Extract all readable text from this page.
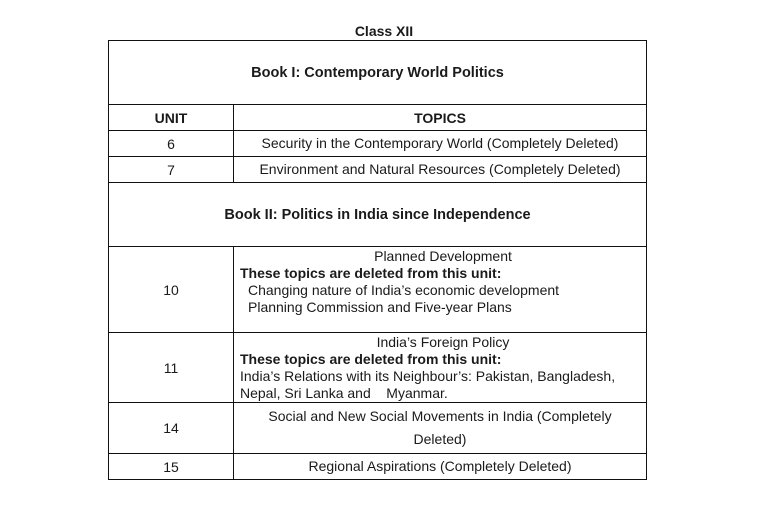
Class XII
Book I: Contemporary World Politics	
UNIT	TOPICS
6	Security in the Contemporary World (Completely Deleted)
7	Environment and Natural Resources (Completely Deleted)
Book II: Politics in India since Independence	
10	Planned Development
These topics are deleted from this unit:
Changing nature of India’s economic development
Planning Commission and Five-year Plans

11	India’s Foreign Policy
These topics are deleted from this unit:
India’s Relations with its Neighbour’s: Pakistan, Bangladesh,
Nepal, Sri Lanka and    Myanmar.

14	Social and New Social Movements in India (Completely Deleted)
15	Regional Aspirations (Completely Deleted)
